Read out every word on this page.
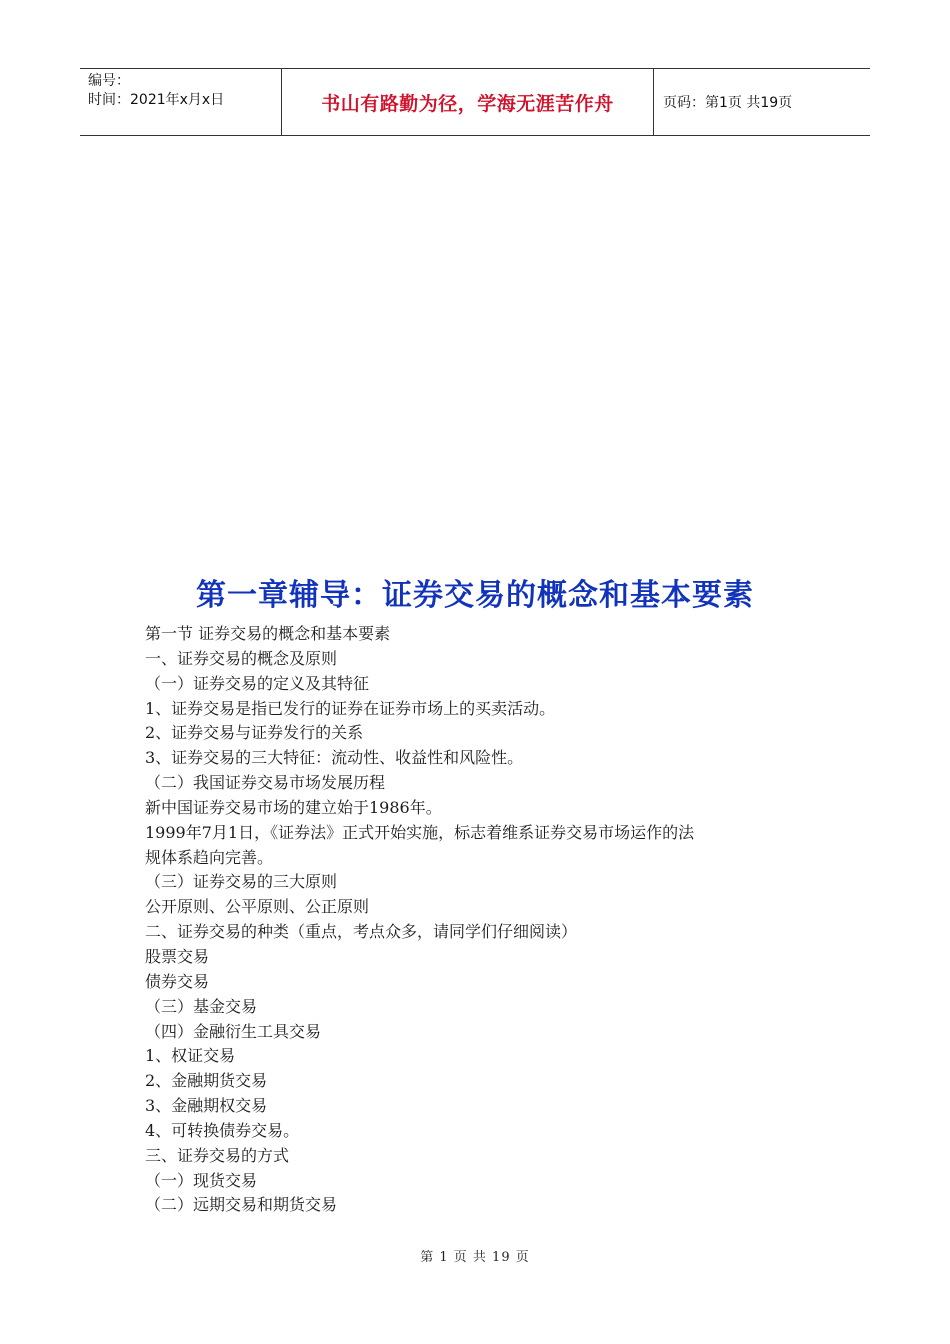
编号：
时间：2021年x月x日	书山有路勤为径，学海无涯苦作舟	页码：第1页 共19页
第一章辅导：证券交易的概念和基本要素
第一节 证券交易的概念和基本要素
一、证券交易的概念及原则
（一）证券交易的定义及其特征
1、证券交易是指已发行的证券在证券市场上的买卖活动。
2、证券交易与证券发行的关系
3、证券交易的三大特征：流动性、收益性和风险性。
（二）我国证券交易市场发展历程
新中国证券交易市场的建立始于1986年。
1999年7月1日，《证券法》正式开始实施，标志着维系证券交易市场运作的法
规体系趋向完善。
（三）证券交易的三大原则
公开原则、公平原则、公正原则
二、证券交易的种类（重点，考点众多，请同学们仔细阅读）
股票交易
债券交易
（三）基金交易
（四）金融衍生工具交易
1、权证交易
2、金融期货交易
3、金融期权交易
4、可转换债券交易。
三、证券交易的方式
（一）现货交易
（二）远期交易和期货交易
第 1 页 共 19 页
